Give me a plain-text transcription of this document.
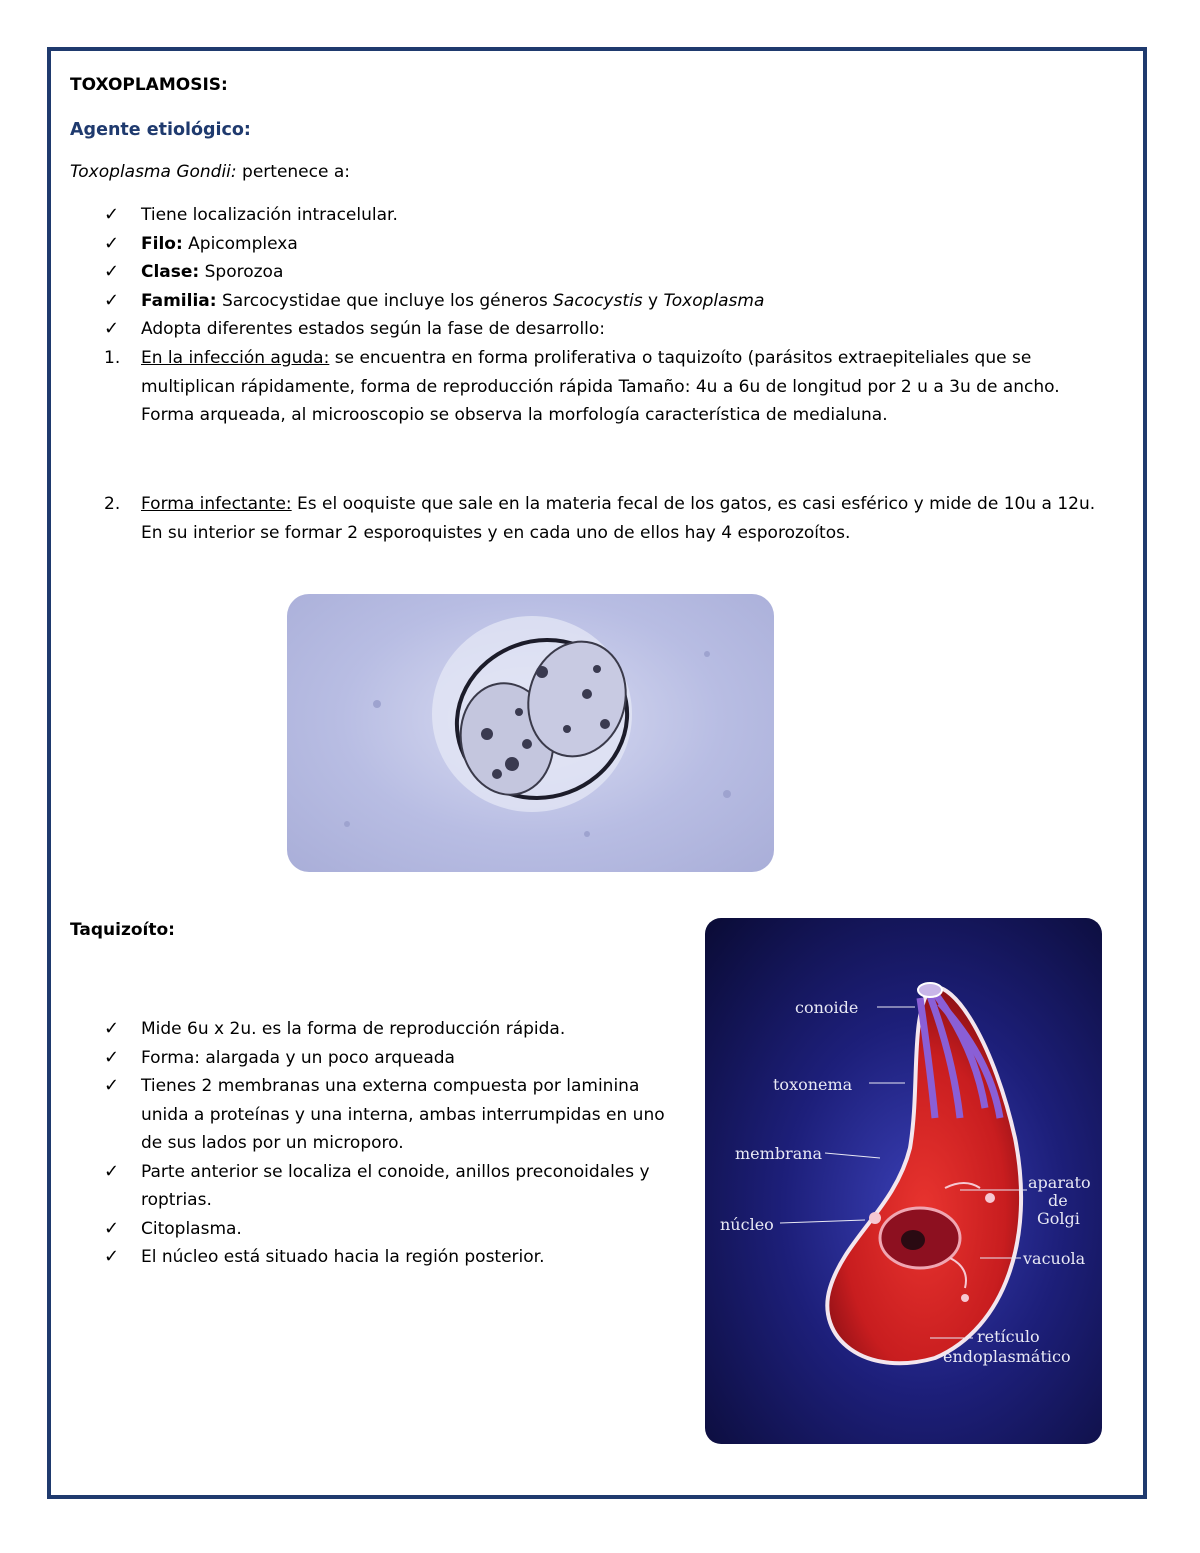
TOXOPLAMOSIS:
Agente etiológico:
Toxoplasma Gondii: pertenece a:
✓ Tiene localización intracelular.
✓ Filo: Apicomplexa
✓ Clase: Sporozoa
✓ Familia: Sarcocystidae que incluye los géneros Sacocystis y Toxoplasma
✓ Adopta diferentes estados según la fase de desarrollo:
1. En la infección aguda: se encuentra en forma proliferativa o taquizoíto (parásitos extraepiteliales que se
multiplican rápidamente, forma de reproducción rápida Tamaño: 4u a 6u de longitud por 2 u a 3u de ancho.
Forma arqueada, al microoscopio se observa la morfología característica de medialuna.
2. Forma infectante: Es el ooquiste que sale en la materia fecal de los gatos, es casi esférico y mide de 10u a 12u.
En su interior se formar 2 esporoquistes y en cada uno de ellos hay 4 esporozoítos.
Taquizoíto:
✓ Mide 6u x 2u. es la forma de reproducción rápida.
✓ Forma: alargada y un poco arqueada
✓ Tienes 2 membranas una externa compuesta por laminina
unida a proteínas y una interna, ambas interrumpidas en uno
de sus lados por un microporo.
✓ Parte anterior se localiza el conoide, anillos preconoidales y
roptrias.
✓ Citoplasma.
✓ El núcleo está situado hacia la región posterior.
conoide
toxonema
membrana
núcleo
aparato
de
Golgi
vacuola
retículo
endoplasmático
